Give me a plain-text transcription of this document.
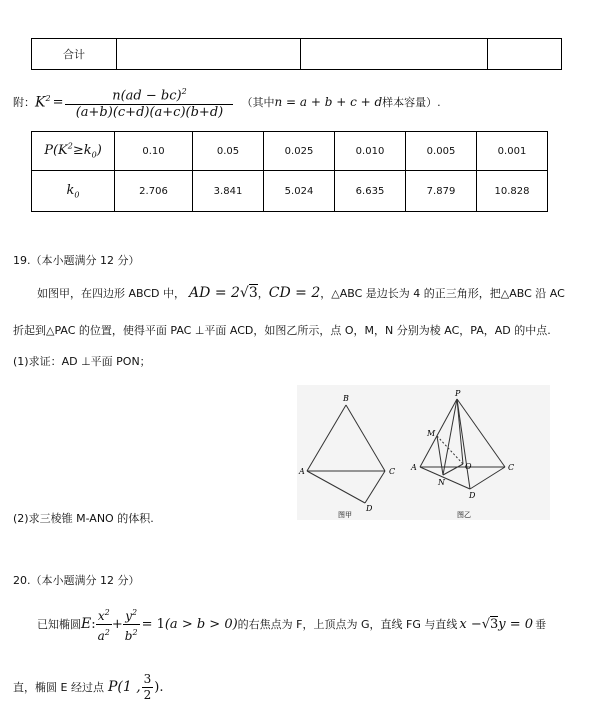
合计			
附： $K^2 = \frac{n(ad - bc)^2}{(a+b)(c+d)(a+c)(b+d)}$ （其中 n = a + b + c + d 样本容量）.
$P(K^2\ge k_0)$	0.10	0.05	0.025	0.010	0.005	0.001
$k_0$	2.706	3.841	5.024	6.635	7.879	10.828
19.（本小题满分 12 分）
如图甲，在四边形 ABCD 中， AD = 2√3 ， CD = 2 ，△ABC 是边长为 4 的正三角形，把△ABC 沿 AC
折起到△PAC 的位置，使得平面 PAC ⊥平面 ACD，如图乙所示，点 O，M，N 分别为棱 AC，PA，AD 的中点.
(1)求证：AD ⊥平面 PON；
(2)求三棱锥 M-ANO 的体积.
B
A	C
D
图甲
P
M
O
A
N
C
D
图乙
20.（本小题满分 12 分）
已知椭圆 E : $\frac{x^2}{a^2} + \frac{y^2}{b^2} = 1$ (a > b > 0) 的右焦点为 F，上顶点为 G，直线 FG 与直线 x − √ 3 y = 0 垂
直，椭圆 E 经过点 P(1 , $\frac{3}{2}$ ).
